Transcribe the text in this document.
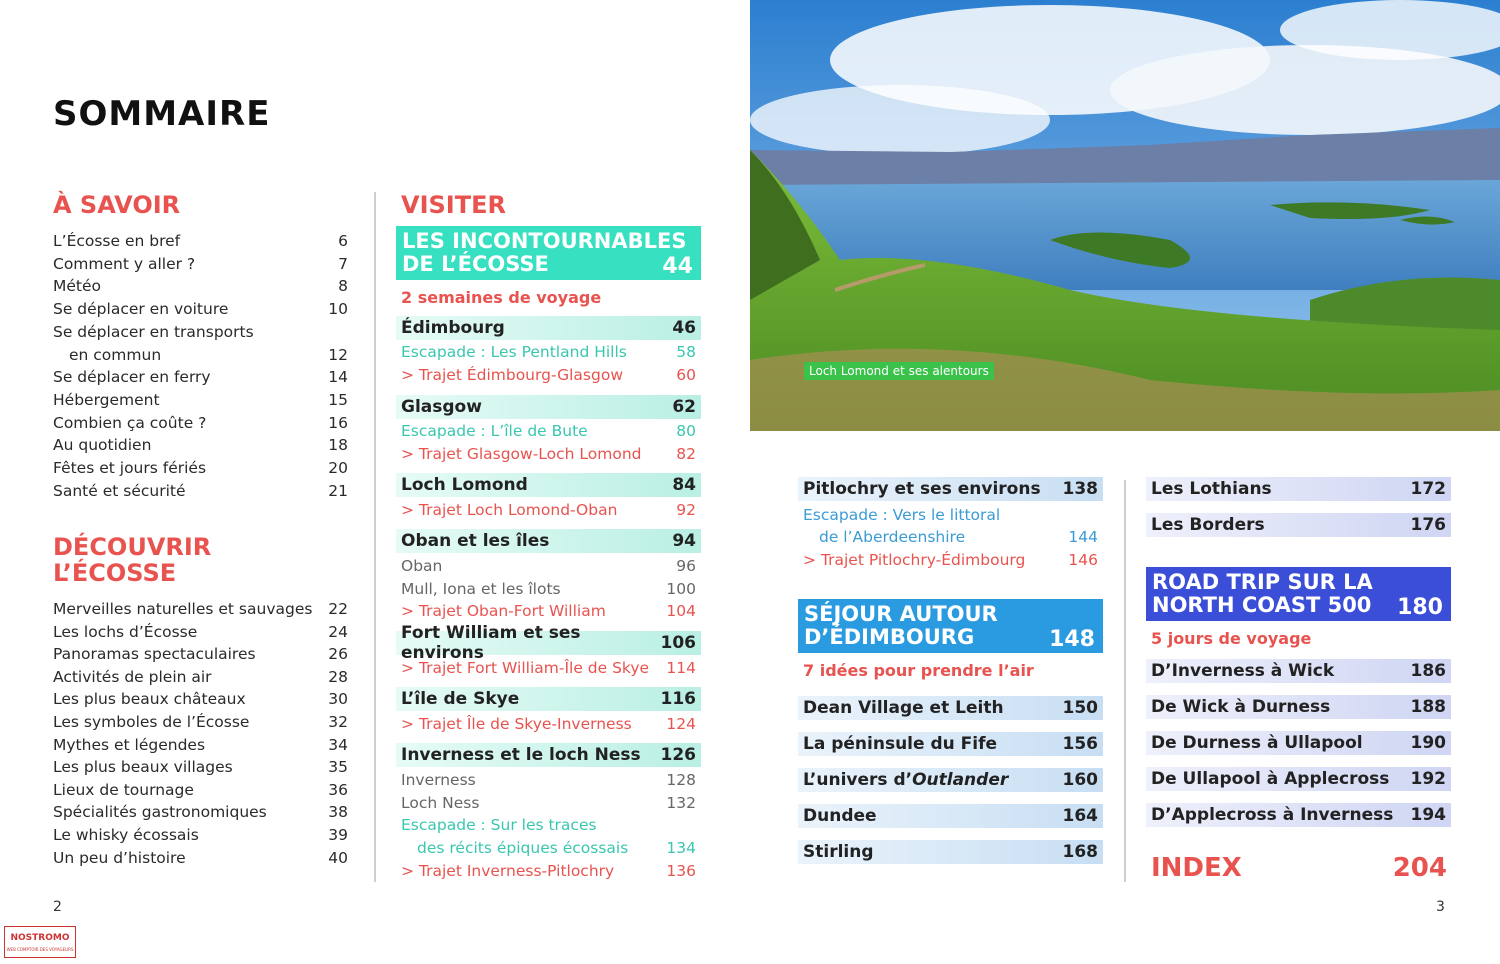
SOMMAIRE
À SAVOIR
L’Écosse en bref	6
Comment y aller ?	7
Météo	8
Se déplacer en voiture	10
Se déplacer en transports
en commun	12
Se déplacer en ferry	14
Hébergement	15
Combien ça coûte ?	16
Au quotidien	18
Fêtes et jours fériés	20
Santé et sécurité	21
DÉCOUVRIR
L’ÉCOSSE
Merveilles naturelles et sauvages 22
Les lochs d’Écosse	24
Panoramas spectaculaires	26
Activités de plein air	28
Les plus beaux châteaux	30
Les symboles de l’Écosse	32
Mythes et légendes	34
Les plus beaux villages	35
Lieux de tournage	36
Spécialités gastronomiques	38
Le whisky écossais	39
Un peu d’histoire	40
VISITER
LES INCONTOURNABLES
DE L’ÉCOSSE	44
2 semaines de voyage
Édimbourg	46
Escapade : Les Pentland Hills	58
> Trajet Édimbourg-Glasgow	60
Glasgow	62
Escapade : L’île de Bute	80
> Trajet Glasgow-Loch Lomond 82
Loch Lomond	84
> Trajet Loch Lomond-Oban	92
Oban et les îles	94
Oban	96
Mull, Iona et les îlots	100
> Trajet Oban-Fort William	104
Fort William et ses environs	106
> Trajet Fort William-Île de Skye 114
L’île de Skye	116
> Trajet Île de Skye-Inverness 124
Inverness et le loch Ness 126
Inverness	128
Loch Ness	132
Escapade : Sur les traces
des récits épiques écossais 134
> Trajet Inverness-Pitlochry	136
Loch Lomond et ses alentours
Pitlochry et ses environs 138
Escapade : Vers le littoral
de l’Aberdeenshire	144
> Trajet Pitlochry-Édimbourg	146
SÉJOUR AUTOUR
D’ÉDIMBOURG	148
7 idées pour prendre l’air
Dean Village et Leith	150
La péninsule du Fife	156
L’univers d’Outlander	160
Dundee	164
Stirling	168
Les Lothians	172
Les Borders	176
ROAD TRIP SUR LA
NORTH COAST 500	180
5 jours de voyage
D’Inverness à Wick	186
De Wick à Durness	188
De Durness à Ullapool	190
De Ullapool à Applecross 192
D’Applecross à Inverness 194
INDEX	204
2	3
NOSTROMO
WEB COMPTOIR DES VOYAGEURS
